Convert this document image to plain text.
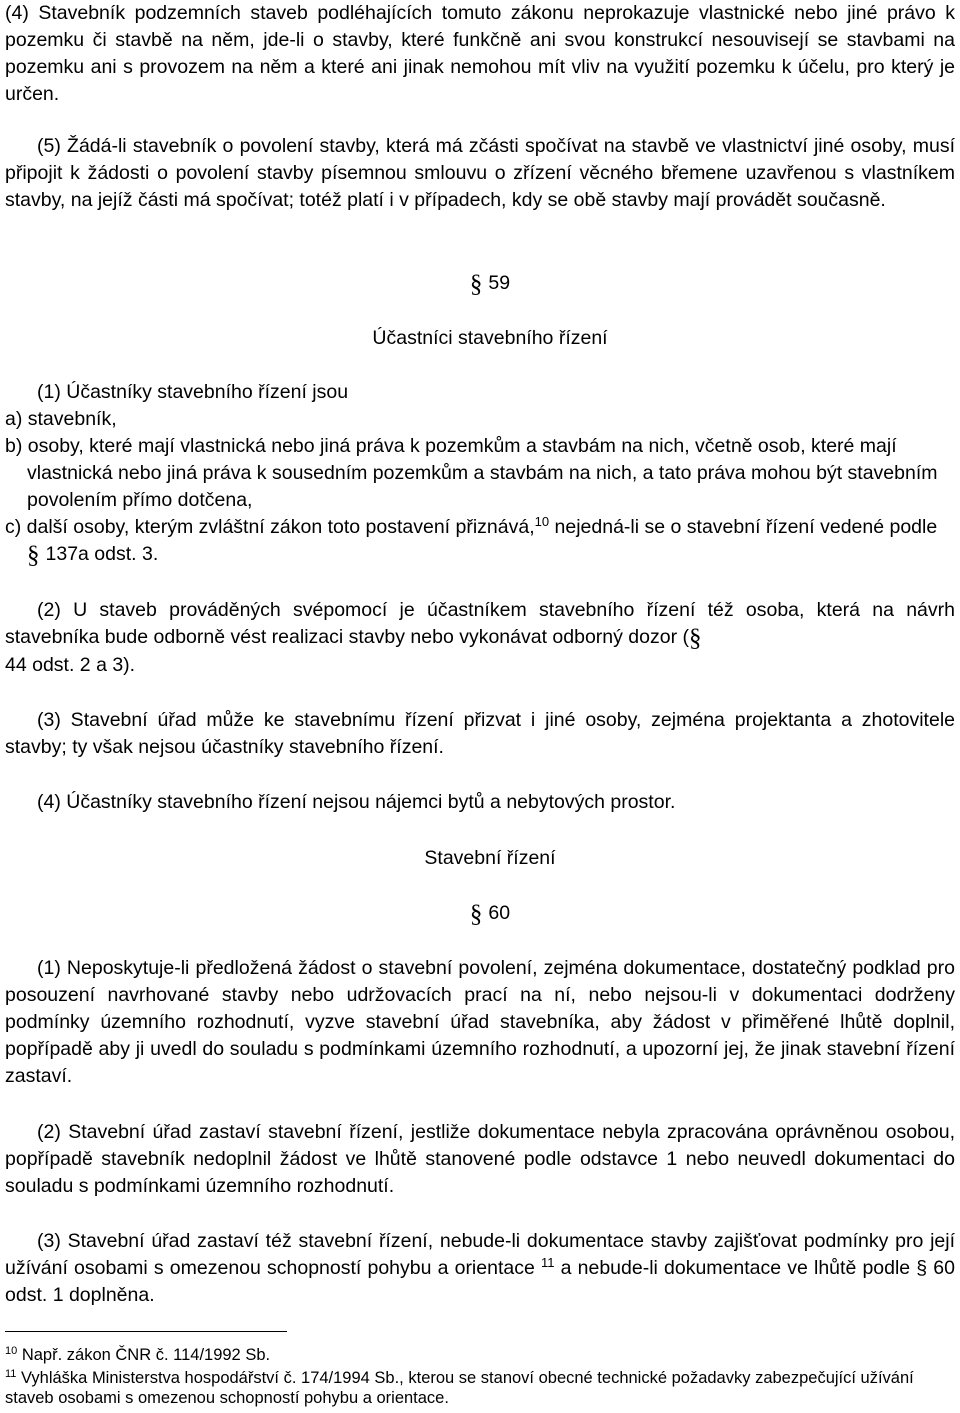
(4) Stavebník podzemních staveb podléhajících tomuto zákonu neprokazuje vlastnické nebo jiné právo k pozemku či stavbě na něm, jde-li o stavby, které funkčně ani svou konstrukcí nesouvisejí se stavbami na pozemku ani s provozem na něm a které ani jinak nemohou mít vliv na využití pozemku k účelu, pro který je určen.

(5) Žádá-li stavebník o povolení stavby, která má zčásti spočívat na stavbě ve vlastnictví jiné osoby, musí připojit k žádosti o povolení stavby písemnou smlouvu o zřízení věcného břemene uzavřenou s vlastníkem stavby, na jejíž části má spočívat; totéž platí i v případech, kdy se obě stavby mají provádět současně.

§ 59

Účastníci stavebního řízení

(1) Účastníky stavebního řízení jsou

a) stavebník,

b) osoby, které mají vlastnická nebo jiná práva k pozemkům a stavbám na nich, včetně osob, které mají vlastnická nebo jiná práva k sousedním pozemkům a stavbám na nich, a tato práva mohou být stavebním povolením přímo dotčena,

c) další osoby, kterým zvláštní zákon toto postavení přiznává,$^{10}$ nejedná-li se o stavební řízení vedené podle § 137a odst. 3.

(2) U staveb prováděných svépomocí je účastníkem stavebního řízení též osoba, která na návrh stavebníka bude odborně vést realizaci stavby nebo vykonávat odborný dozor (§
44 odst. 2 a 3).

(3) Stavební úřad může ke stavebnímu řízení přizvat i jiné osoby, zejména projektanta a zhotovitele stavby; ty však nejsou účastníky stavebního řízení.

(4) Účastníky stavebního řízení nejsou nájemci bytů a nebytových prostor.

Stavební řízení

§ 60

(1) Neposkytuje-li předložená žádost o stavební povolení, zejména dokumentace, dostatečný podklad pro posouzení navrhované stavby nebo udržovacích prací na ní, nebo nejsou-li v dokumentaci dodrženy podmínky územního rozhodnutí, vyzve stavební úřad stavebníka, aby žádost v přiměřené lhůtě doplnil, popřípadě aby ji uvedl do souladu s podmínkami územního rozhodnutí, a upozorní jej, že jinak stavební řízení zastaví.

(2) Stavební úřad zastaví stavební řízení, jestliže dokumentace nebyla zpracována oprávněnou osobou, popřípadě stavebník nedoplnil žádost ve lhůtě stanovené podle odstavce 1 nebo neuvedl dokumentaci do souladu s podmínkami územního rozhodnutí.

(3) Stavební úřad zastaví též stavební řízení, nebude-li dokumentace stavby zajišťovat podmínky pro její užívání osobami s omezenou schopností pohybu a orientace $^{11}$ a nebude-li dokumentace ve lhůtě podle § 60 odst. 1 doplněna.

$^{10}$ Např. zákon ČNR č. 114/1992 Sb.

$^{11}$ Vyhláška Ministerstva hospodářství č. 174/1994 Sb., kterou se stanoví obecné technické požadavky zabezpečující užívání staveb osobami s omezenou schopností pohybu a orientace.
